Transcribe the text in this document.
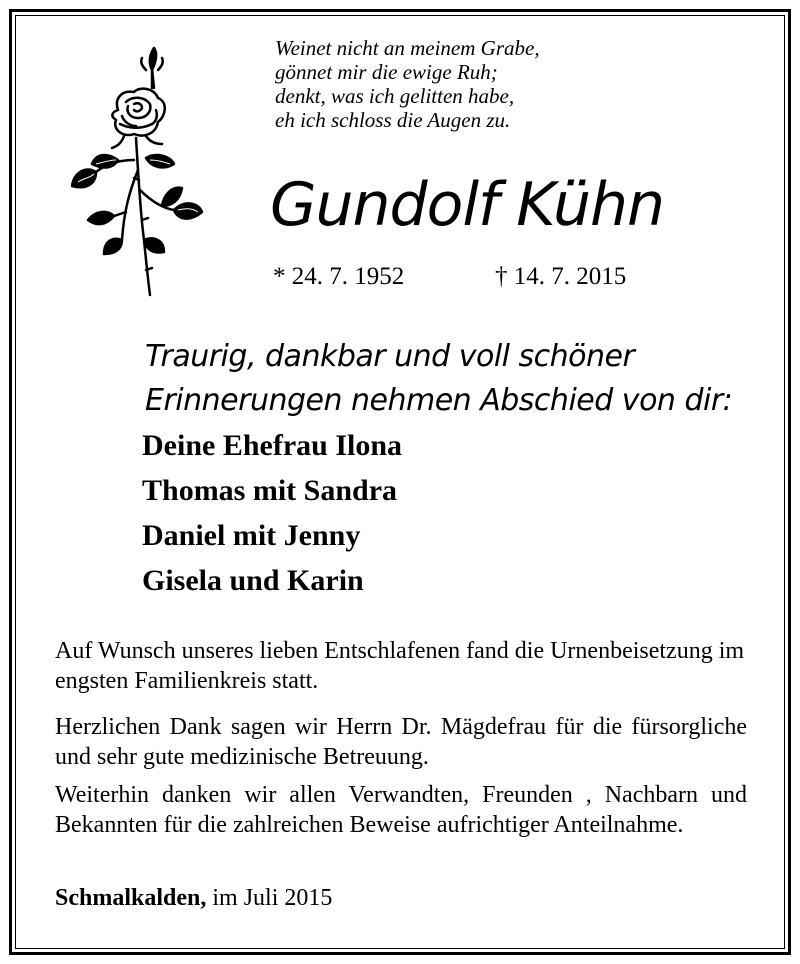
Weinet nicht an meinem Grabe,
gönnet mir die ewige Ruh;
denkt, was ich gelitten habe,
eh ich schloss die Augen zu.
Gundolf Kühn
* 24. 7. 1952	† 14. 7. 2015
Traurig, dankbar und voll schöner
Erinnerungen nehmen Abschied von dir:
Deine Ehefrau Ilona
Thomas mit Sandra
Daniel mit Jenny
Gisela und Karin
Auf Wunsch unseres lieben Entschlafenen fand die Urnenbeisetzung im engsten Familienkreis statt.
Herzlichen Dank sagen wir Herrn Dr. Mägdefrau für die fürsorgliche und sehr gute medizinische Betreuung.
Weiterhin danken wir allen Verwandten, Freunden , Nachbarn und Bekannten für die zahlreichen Beweise aufrichtiger Anteilnahme.
Schmalkalden, im Juli 2015
